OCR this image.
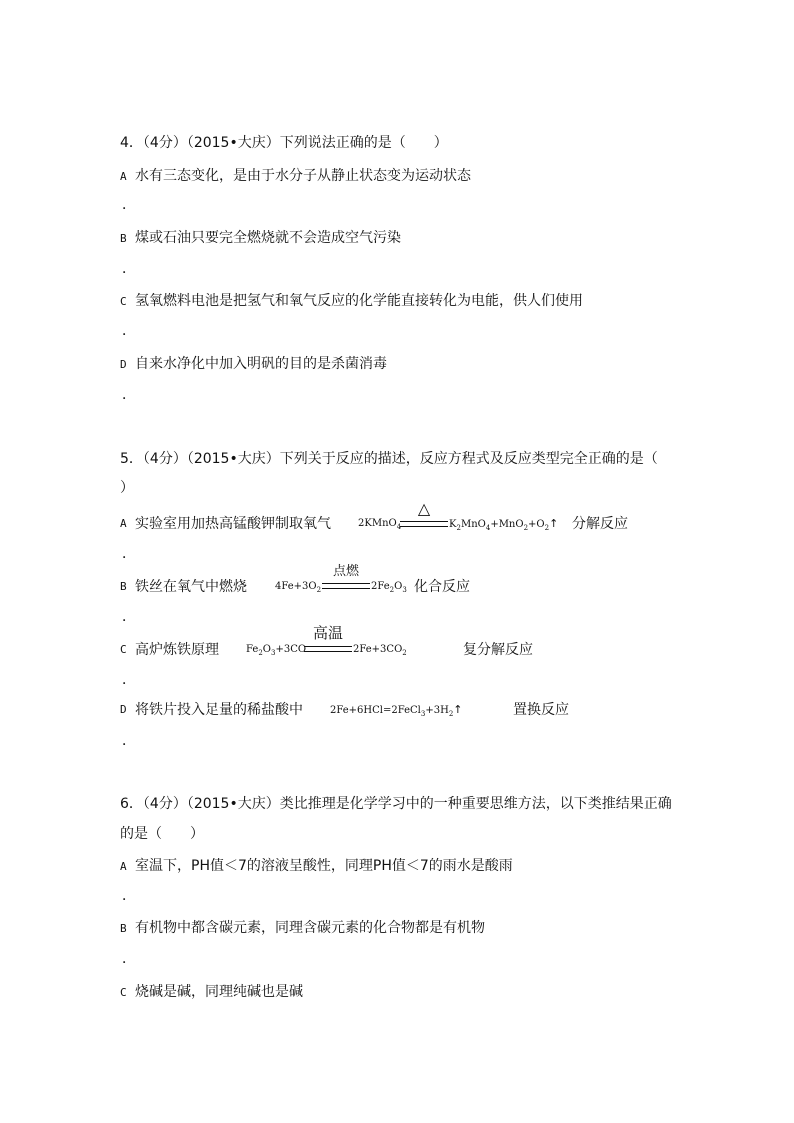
4．（4分）（2015•大庆）下列说法正确的是（　　）
A 水有三态变化，是由于水分子从静止状态变为运动状态
．
B 煤或石油只要完全燃烧就不会造成空气污染
．
C 氢氧燃料电池是把氢气和氧气反应的化学能直接转化为电能，供人们使用
．
D 自来水净化中加入明矾的目的是杀菌消毒
．
5．（4分）（2015•大庆）下列关于反应的描述，反应方程式及反应类型完全正确的是（
）
A 实验室用加热高锰酸钾制取氧气	2KMnO$_4$
△
$K_2MnO_4+MnO_2+O_2↑$ 分解反应
．
B 铁丝在氧气中燃烧	$4Fe+3O_2$
点燃
$2Fe_2O_3$ 化合反应
．
C 高炉炼铁原理	$Fe_2O_3+3CO$
高温
$2Fe+3CO_2$	复分解反应
．
D 将铁片投入足量的稀盐酸中	$2Fe+6HCl=2FeCl_3+3H_2↑$	置换反应
．
6．（4分）（2015•大庆）类比推理是化学学习中的一种重要思维方法，以下类推结果正确
的是（　　）
A 室温下，PH值＜7的溶液呈酸性，同理PH值＜7的雨水是酸雨
．
B 有机物中都含碳元素，同理含碳元素的化合物都是有机物
．
C 烧碱是碱，同理纯碱也是碱
